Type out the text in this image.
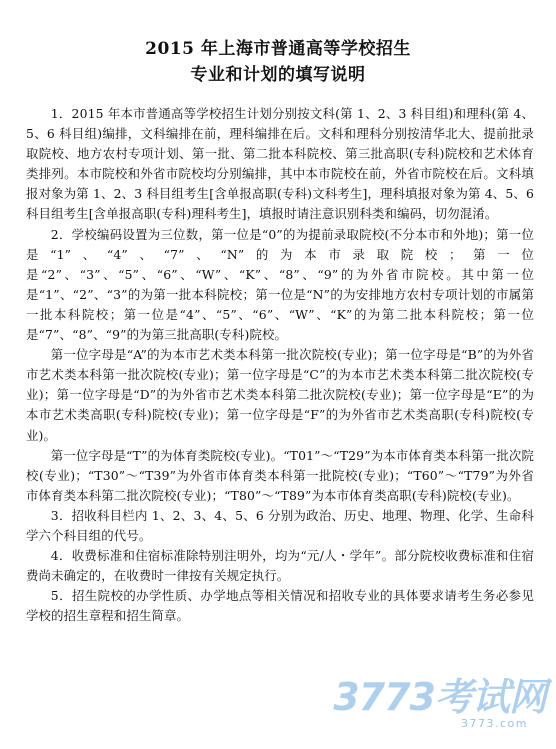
2015 年上海市普通高等学校招生
专业和计划的填写说明

1．2015 年本市普通高等学校招生计划分别按文科(第 1、2、3 科目组)和理科(第 4、5、6 科目组)编排，文科编排在前，理科编排在后。文科和理科分别按清华北大、提前批录取院校、地方农村专项计划、第一批、第二批本科院校、第三批高职(专科)院校和艺术体育类排列。本市院校和外省市院校均分别编排，其中本市院校在前，外省市院校在后。文科填报对象为第 1、2、3 科目组考生[含单报高职(专科)文科考生]，理科填报对象为第 4、5、6 科目组考生[含单报高职(专科)理科考生]，填报时请注意识别科类和编码，切勿混淆。

2．学校编码设置为三位数，第一位是“0”的为提前录取院校(不分本市和外地)；第一位是“1”、“4”、“7”、“N”的为本市录取院校；第一位是“2”、“3”、“5”、“6”、“W”、“K”、“8”、“9”的为外省市院校。其中第一位是“1”、“2”、“3”的为第一批本科院校；第一位是“N”的为安排地方农村专项计划的市属第一批本科院校；第一位是“4”、“5”、“6”、“W”、“K”的为第二批本科院校；第一位是“7”、“8”、“9”的为第三批高职(专科)院校。

第一位字母是“A”的为本市艺术类本科第一批次院校(专业)；第一位字母是“B”的为外省市艺术类本科第一批次院校(专业)；第一位字母是“C”的为本市艺术类本科第二批次院校(专业)；第一位字母是“D”的为外省市艺术类本科第二批次院校(专业)；第一位字母是“E”的为本市艺术类高职(专科)院校(专业)；第一位字母是“F”的为外省市艺术类高职(专科)院校(专业)。

第一位字母是“T”的为体育类院校(专业)。“T01”～“T29”为本市体育类本科第一批次院校(专业)；“T30”～“T39”为外省市体育类本科第一批院校(专业)；“T60”～“T79”为外省市体育类本科第二批次院校(专业)；“T80”～“T89”为本市体育类高职(专科)院校(专业)。

3．招收科目栏内 1、2、3、4、5、6 分别为政治、历史、地理、物理、化学、生命科学六个科目组的代号。

4．收费标准和住宿标准除特别注明外，均为“元/人・学年”。部分院校收费标准和住宿费尚未确定的，在收费时一律按有关规定执行。

5．招生院校的办学性质、办学地点等相关情况和招收专业的具体要求请考生务必参见学校的招生章程和招生简章。

3773考试网
3773.com
